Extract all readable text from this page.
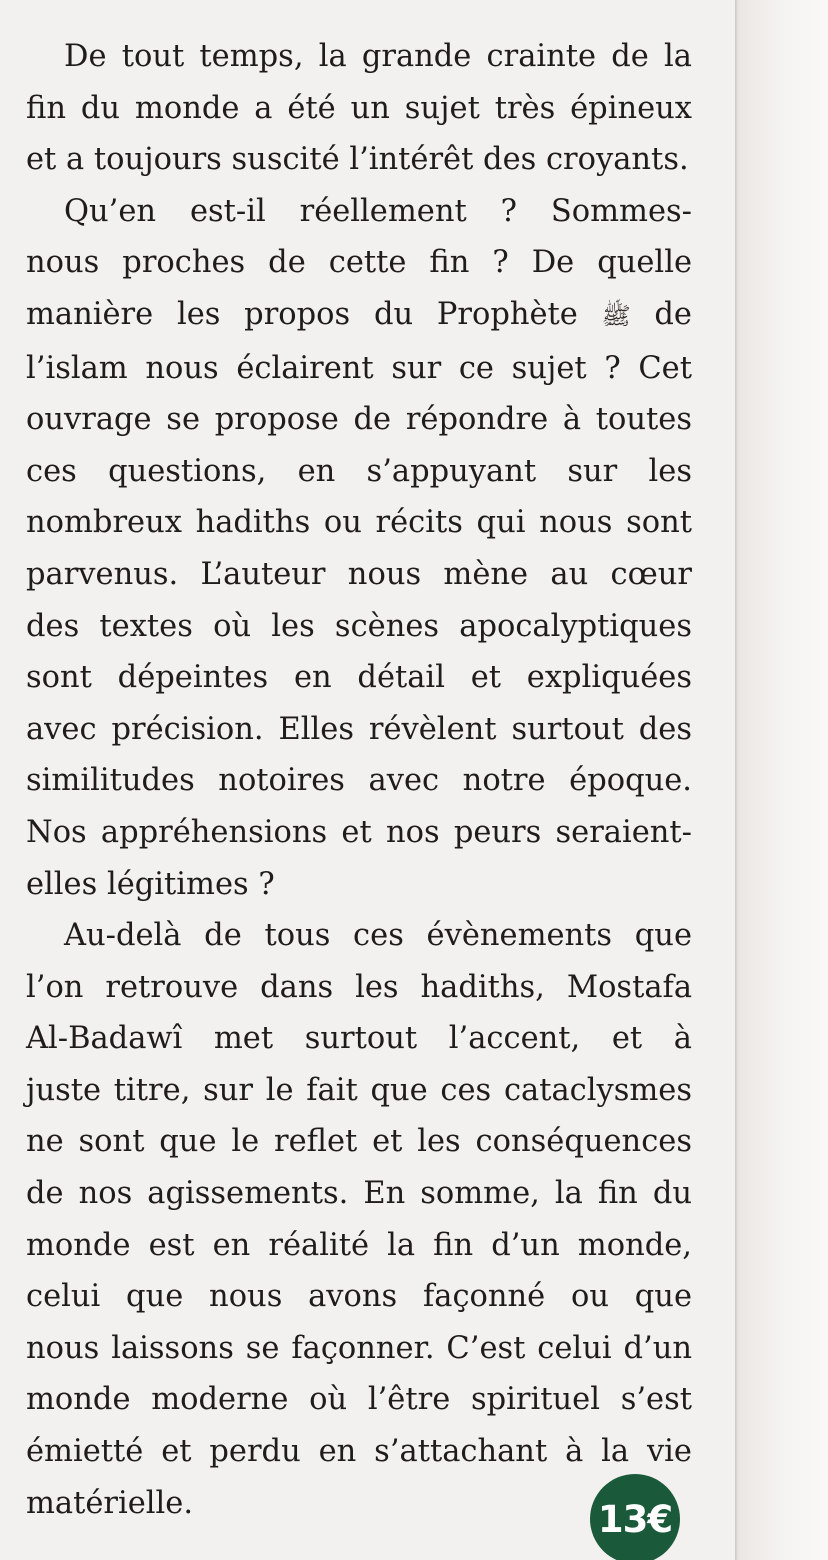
De tout temps, la grande crainte de la
fin du monde a été un sujet très épineux
et a toujours suscité l’intérêt des croyants.
Qu’en est-il réellement ? Sommes-
nous proches de cette fin ? De quelle
manière les propos du Prophète ﷺ de
l’islam nous éclairent sur ce sujet ? Cet
ouvrage se propose de répondre à toutes
ces questions, en s’appuyant sur les
nombreux hadiths ou récits qui nous sont
parvenus. L’auteur nous mène au cœur
des textes où les scènes apocalyptiques
sont dépeintes en détail et expliquées
avec précision. Elles révèlent surtout des
similitudes notoires avec notre époque.
Nos appréhensions et nos peurs seraient-
elles légitimes ?
Au-delà de tous ces évènements que
l’on retrouve dans les hadiths, Mostafa
Al-Badawî met surtout l’accent, et à
juste titre, sur le fait que ces cataclysmes
ne sont que le reflet et les conséquences
de nos agissements. En somme, la fin du
monde est en réalité la fin d’un monde,
celui que nous avons façonné ou que
nous laissons se façonner. C’est celui d’un
monde moderne où l’être spirituel s’est
émietté et perdu en s’attachant à la vie
matérielle.	13€
